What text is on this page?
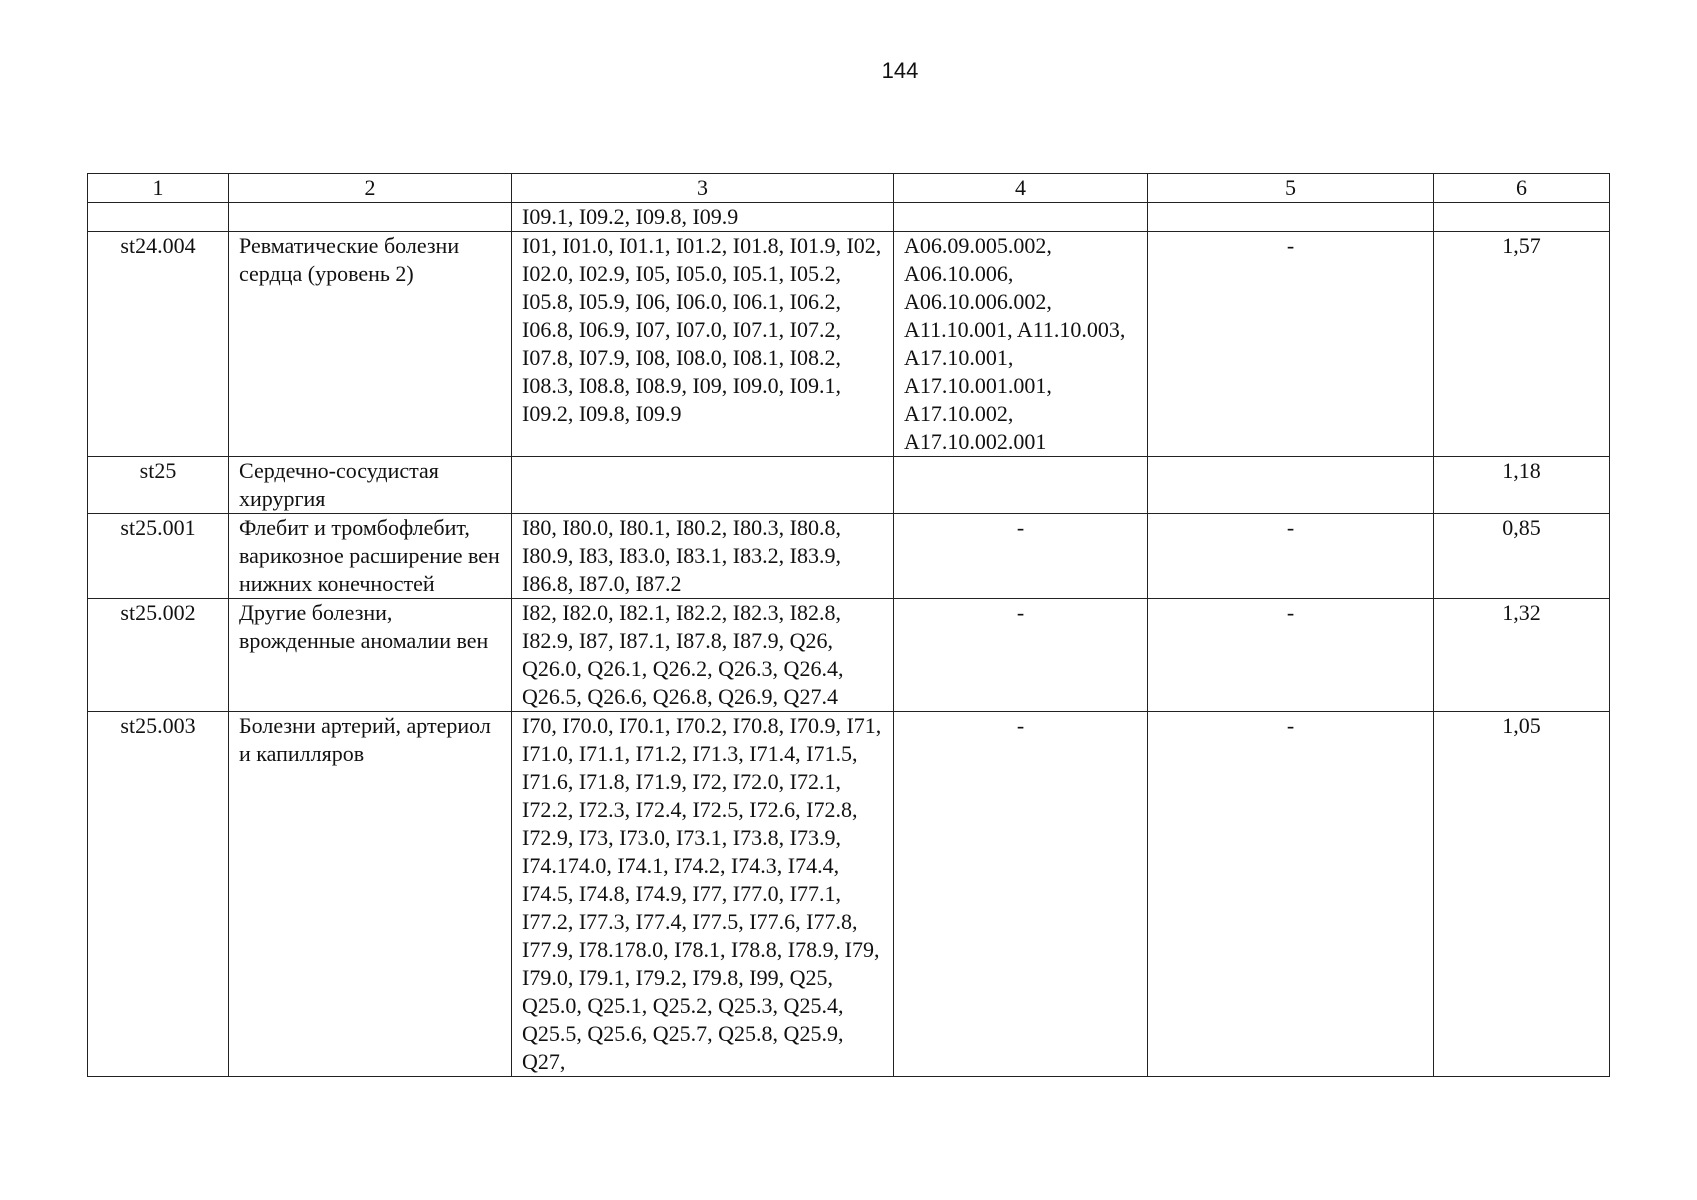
144
1	2	3	4	5	6
		I09.1, I09.2, I09.8, I09.9			
st24.004	Ревматические болезни сердца (уровень 2)	I01, I01.0, I01.1, I01.2, I01.8, I01.9, I02, I02.0, I02.9, I05, I05.0, I05.1, I05.2, I05.8, I05.9, I06, I06.0, I06.1, I06.2, I06.8, I06.9, I07, I07.0, I07.1, I07.2, I07.8, I07.9, I08, I08.0, I08.1, I08.2, I08.3, I08.8, I08.9, I09, I09.0, I09.1, I09.2, I09.8, I09.9	A06.09.005.002, A06.10.006, A06.10.006.002, A11.10.001, A11.10.003, A17.10.001, A17.10.001.001, A17.10.002, A17.10.002.001	-	1,57
st25	Сердечно-сосудистая хирургия				1,18
st25.001	Флебит и тромбофлебит, варикозное расширение вен нижних конечностей	I80, I80.0, I80.1, I80.2, I80.3, I80.8, I80.9, I83, I83.0, I83.1, I83.2, I83.9, I86.8, I87.0, I87.2	-	-	0,85
st25.002	Другие болезни, врожденные аномалии вен	I82, I82.0, I82.1, I82.2, I82.3, I82.8, I82.9, I87, I87.1, I87.8, I87.9, Q26, Q26.0, Q26.1, Q26.2, Q26.3, Q26.4, Q26.5, Q26.6, Q26.8, Q26.9, Q27.4	-	-	1,32
st25.003	Болезни артерий, артериол и капилляров	I70, I70.0, I70.1, I70.2, I70.8, I70.9, I71, I71.0, I71.1, I71.2, I71.3, I71.4, I71.5, I71.6, I71.8, I71.9, I72, I72.0, I72.1, I72.2, I72.3, I72.4, I72.5, I72.6, I72.8, I72.9, I73, I73.0, I73.1, I73.8, I73.9, I74.174.0, I74.1, I74.2, I74.3, I74.4, I74.5, I74.8, I74.9, I77, I77.0, I77.1, I77.2, I77.3, I77.4, I77.5, I77.6, I77.8, I77.9, I78.178.0, I78.1, I78.8, I78.9, I79, I79.0, I79.1, I79.2, I79.8, I99, Q25, Q25.0, Q25.1, Q25.2, Q25.3, Q25.4, Q25.5, Q25.6, Q25.7, Q25.8, Q25.9, Q27,	-	-	1,05
